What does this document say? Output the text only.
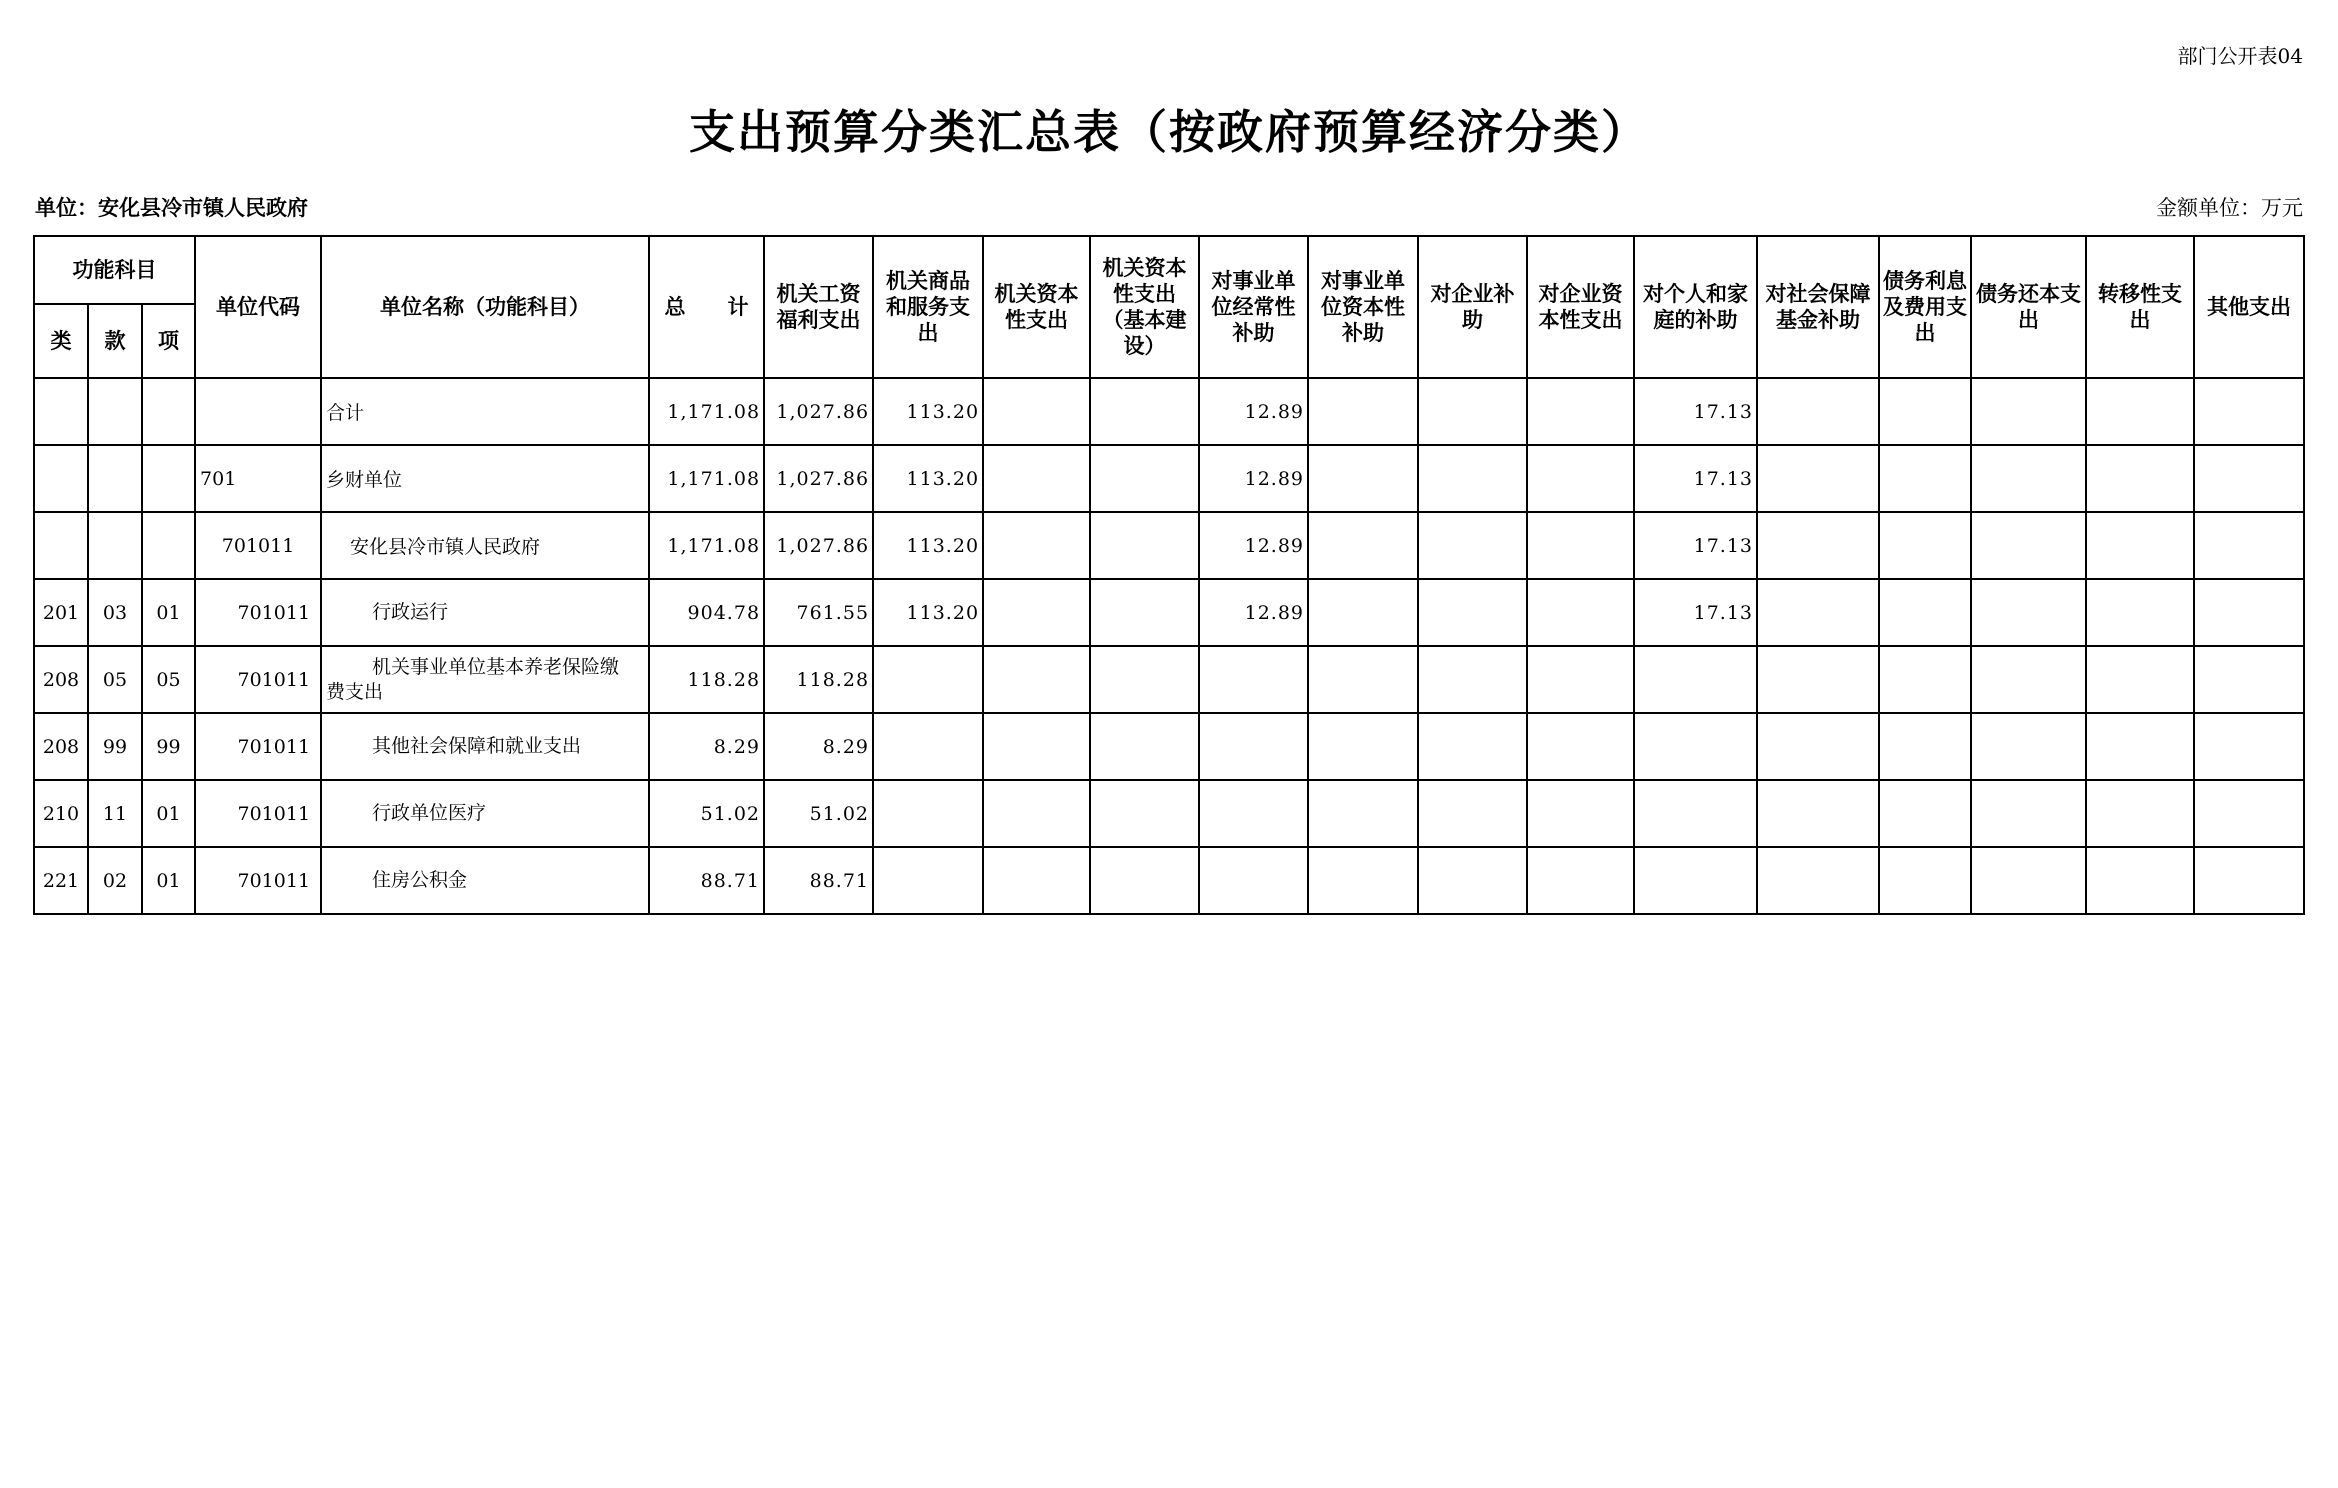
部门公开表04
支出预算分类汇总表（按政府预算经济分类）
单位：安化县冷市镇人民政府	金额单位：万元
功能科目			单位代码	单位名称（功能科目）	总　　计	机关工资福利支出	机关商品和服务支出	机关资本性支出	机关资本性支出（基本建设）	对事业单位经常性补助	对事业单位资本性补助	对企业补助	对企业资本性支出	对个人和家庭的补助	对社会保障基金补助	债务利息及费用支出	债务还本支出	转移性支出	其他支出
类	款	项																	
				合计	1,171.08	1,027.86	113.20			12.89				17.13					
			701	乡财单位	1,171.08	1,027.86	113.20			12.89				17.13					
			701011	安化县冷市镇人民政府	1,171.08	1,027.86	113.20			12.89				17.13					
201	03	01	701011	行政运行	904.78	761.55	113.20			12.89				17.13					
208	05	05	701011	机关事业单位基本养老保险缴
费支出	118.28	118.28													
208	99	99	701011	其他社会保障和就业支出	8.29	8.29													
210	11	01	701011	行政单位医疗	51.02	51.02													
221	02	01	701011	住房公积金	88.71	88.71													
